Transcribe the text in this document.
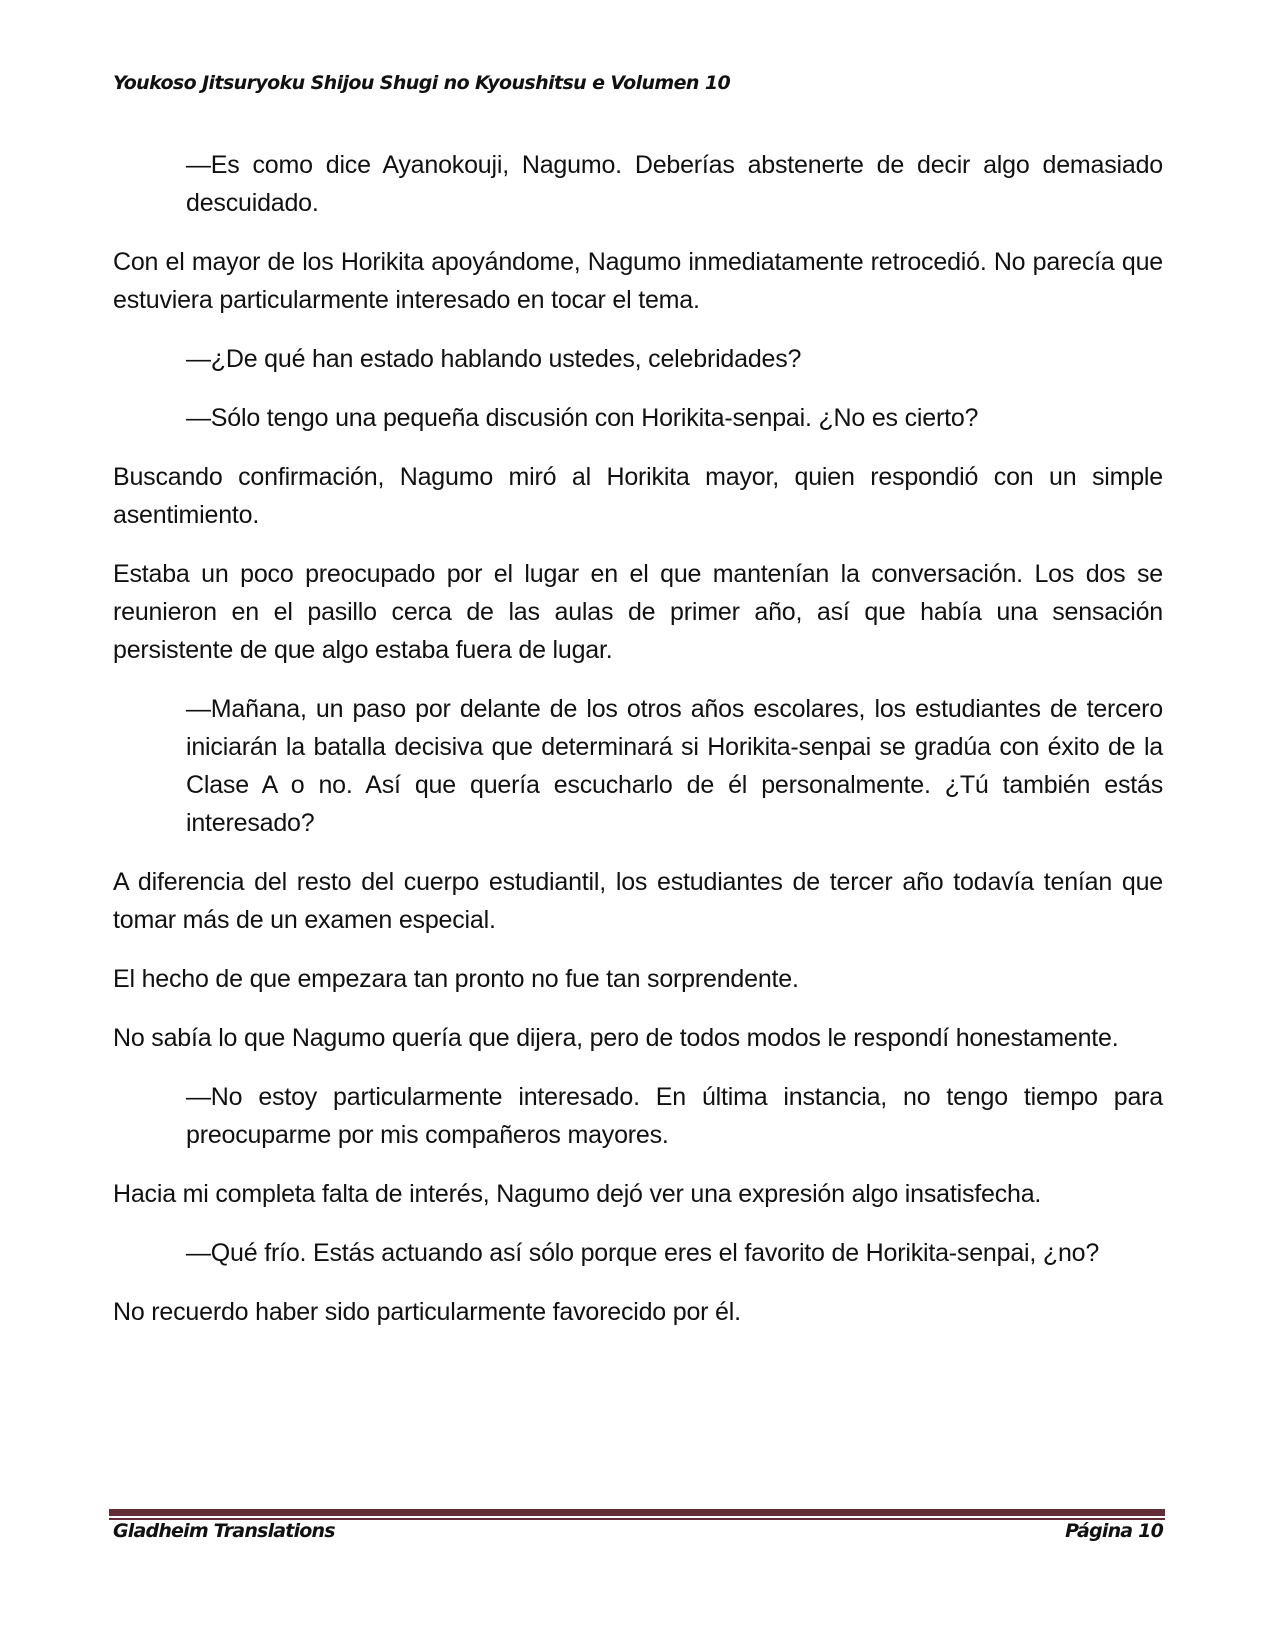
Youkoso Jitsuryoku Shijou Shugi no Kyoushitsu e Volumen 10

—Es como dice Ayanokouji, Nagumo. Deberías abstenerte de decir algo demasiado descuidado.

Con el mayor de los Horikita apoyándome, Nagumo inmediatamente retrocedió. No parecía que estuviera particularmente interesado en tocar el tema.

—¿De qué han estado hablando ustedes, celebridades?

—Sólo tengo una pequeña discusión con Horikita-senpai. ¿No es cierto?

Buscando confirmación, Nagumo miró al Horikita mayor, quien respondió con un simple asentimiento.

Estaba un poco preocupado por el lugar en el que mantenían la conversación. Los dos se reunieron en el pasillo cerca de las aulas de primer año, así que había una sensación persistente de que algo estaba fuera de lugar.

—Mañana, un paso por delante de los otros años escolares, los estudiantes de tercero iniciarán la batalla decisiva que determinará si Horikita-senpai se gradúa con éxito de la Clase A o no. Así que quería escucharlo de él personalmente. ¿Tú también estás interesado?

A diferencia del resto del cuerpo estudiantil, los estudiantes de tercer año todavía tenían que tomar más de un examen especial.

El hecho de que empezara tan pronto no fue tan sorprendente.

No sabía lo que Nagumo quería que dijera, pero de todos modos le respondí honestamente.

—No estoy particularmente interesado. En última instancia, no tengo tiempo para preocuparme por mis compañeros mayores.

Hacia mi completa falta de interés, Nagumo dejó ver una expresión algo insatisfecha.

—Qué frío. Estás actuando así sólo porque eres el favorito de Horikita-senpai, ¿no?

No recuerdo haber sido particularmente favorecido por él.

Gladheim Translations	Página 10
